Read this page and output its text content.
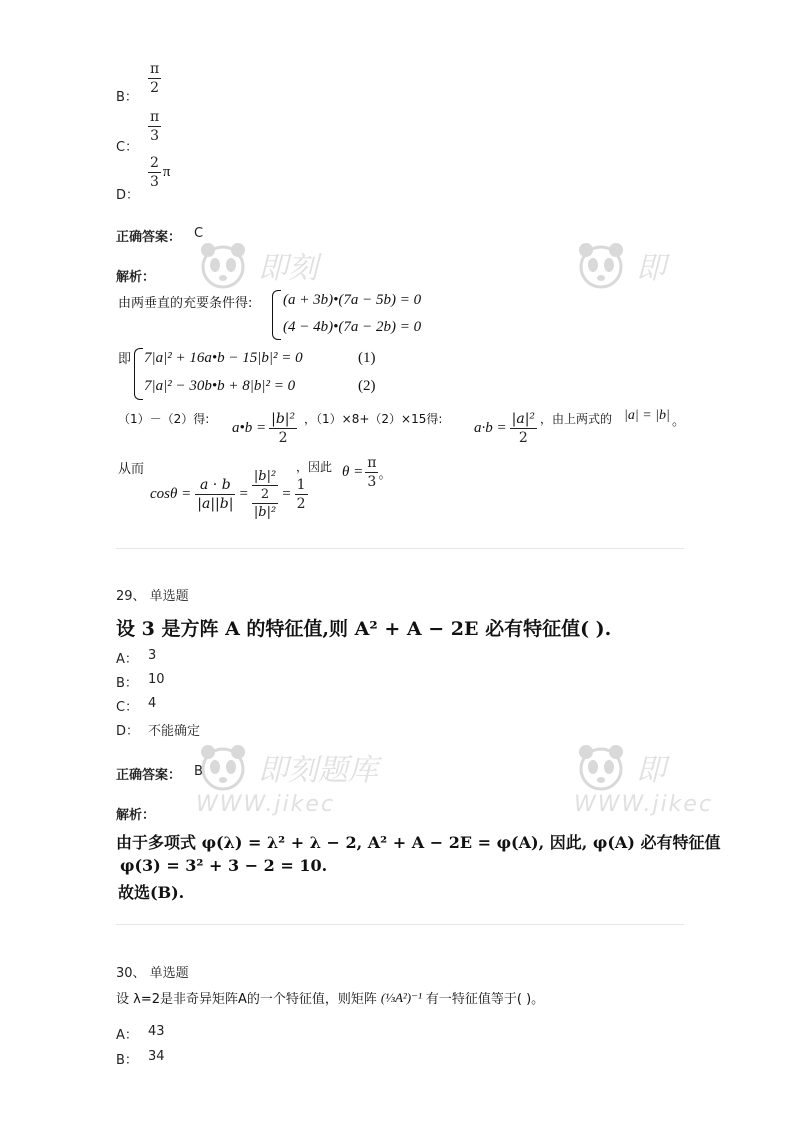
B：
π
2
C：
π
3
D：
$\frac{2}{3}$ π
正确答案： C
解析：
由两垂直的充要条件得: (a + 3b)•(7a − 5b) = 0
(4 − 4b)•(7a − 2b) = 0
即 7|a|² + 16a•b − 15|b|² = 0
7|a|² − 30b•b + 8|b|² = 0
(1)
(2)
（1）－（2）得:
a•b = $\frac{\text{|b|²}}{2}$ ，（1）×8+（2）×15得:
$a\cdot b = \frac{\text{|a|²}}{2}$ ，由上两式的 |a| = |b| 。
从而	，因此 $\theta = \frac{\pi}{3}$ 。
$\cos\theta = \frac{a \cdot b}{|a||b|} = \frac{\frac{\text{|b|²}}{2}}{\text{|b|²}} = \frac{1}{2}$
29、 单选题
设 3 是方阵 A 的特征值,则 A² + A − 2E 必有特征值( ).
A： 3
B： 10
C： 4
D： 不能确定
正确答案： B
解析：
由于多项式 φ(λ) = λ² + λ − 2, A² + A − 2E = φ(A), 因此, φ(A) 必有特征值
φ(3) = 3² + 3 − 2 = 10.
故选(B).
30、 单选题
设 λ=2是非奇异矩阵A的一个特征值，则矩阵 (⅓A²)⁻¹ 有一特征值等于( )。
A： 43
B： 34
即刻	即
即刻题库
WWW.jikec
即
WWW.jikec
